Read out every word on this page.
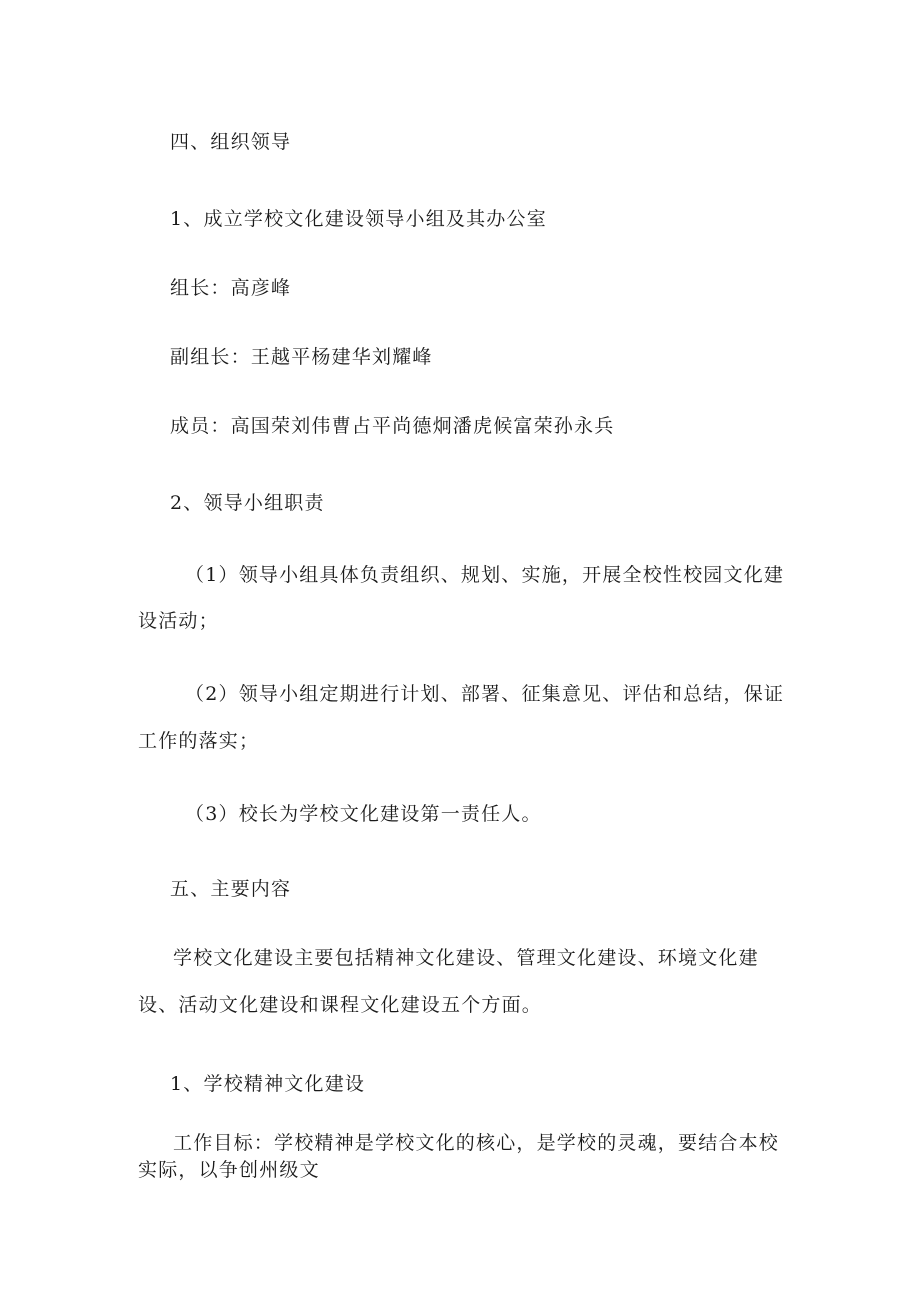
四、组织领导
1、成立学校文化建设领导小组及其办公室
组长：高彦峰
副组长：王越平杨建华刘耀峰
成员：高国荣刘伟曹占平尚德炯潘虎候富荣孙永兵
2、领导小组职责
（1）领导小组具体负责组织、规划、实施，开展全校性校园文化建
设活动；
（2）领导小组定期进行计划、部署、征集意见、评估和总结，保证
工作的落实；
（3）校长为学校文化建设第一责任人。
五、主要内容
学校文化建设主要包括精神文化建设、管理文化建设、环境文化建
设、活动文化建设和课程文化建设五个方面。
1、学校精神文化建设
工作目标：学校精神是学校文化的核心，是学校的灵魂，要结合本校
实际，以争创州级文
